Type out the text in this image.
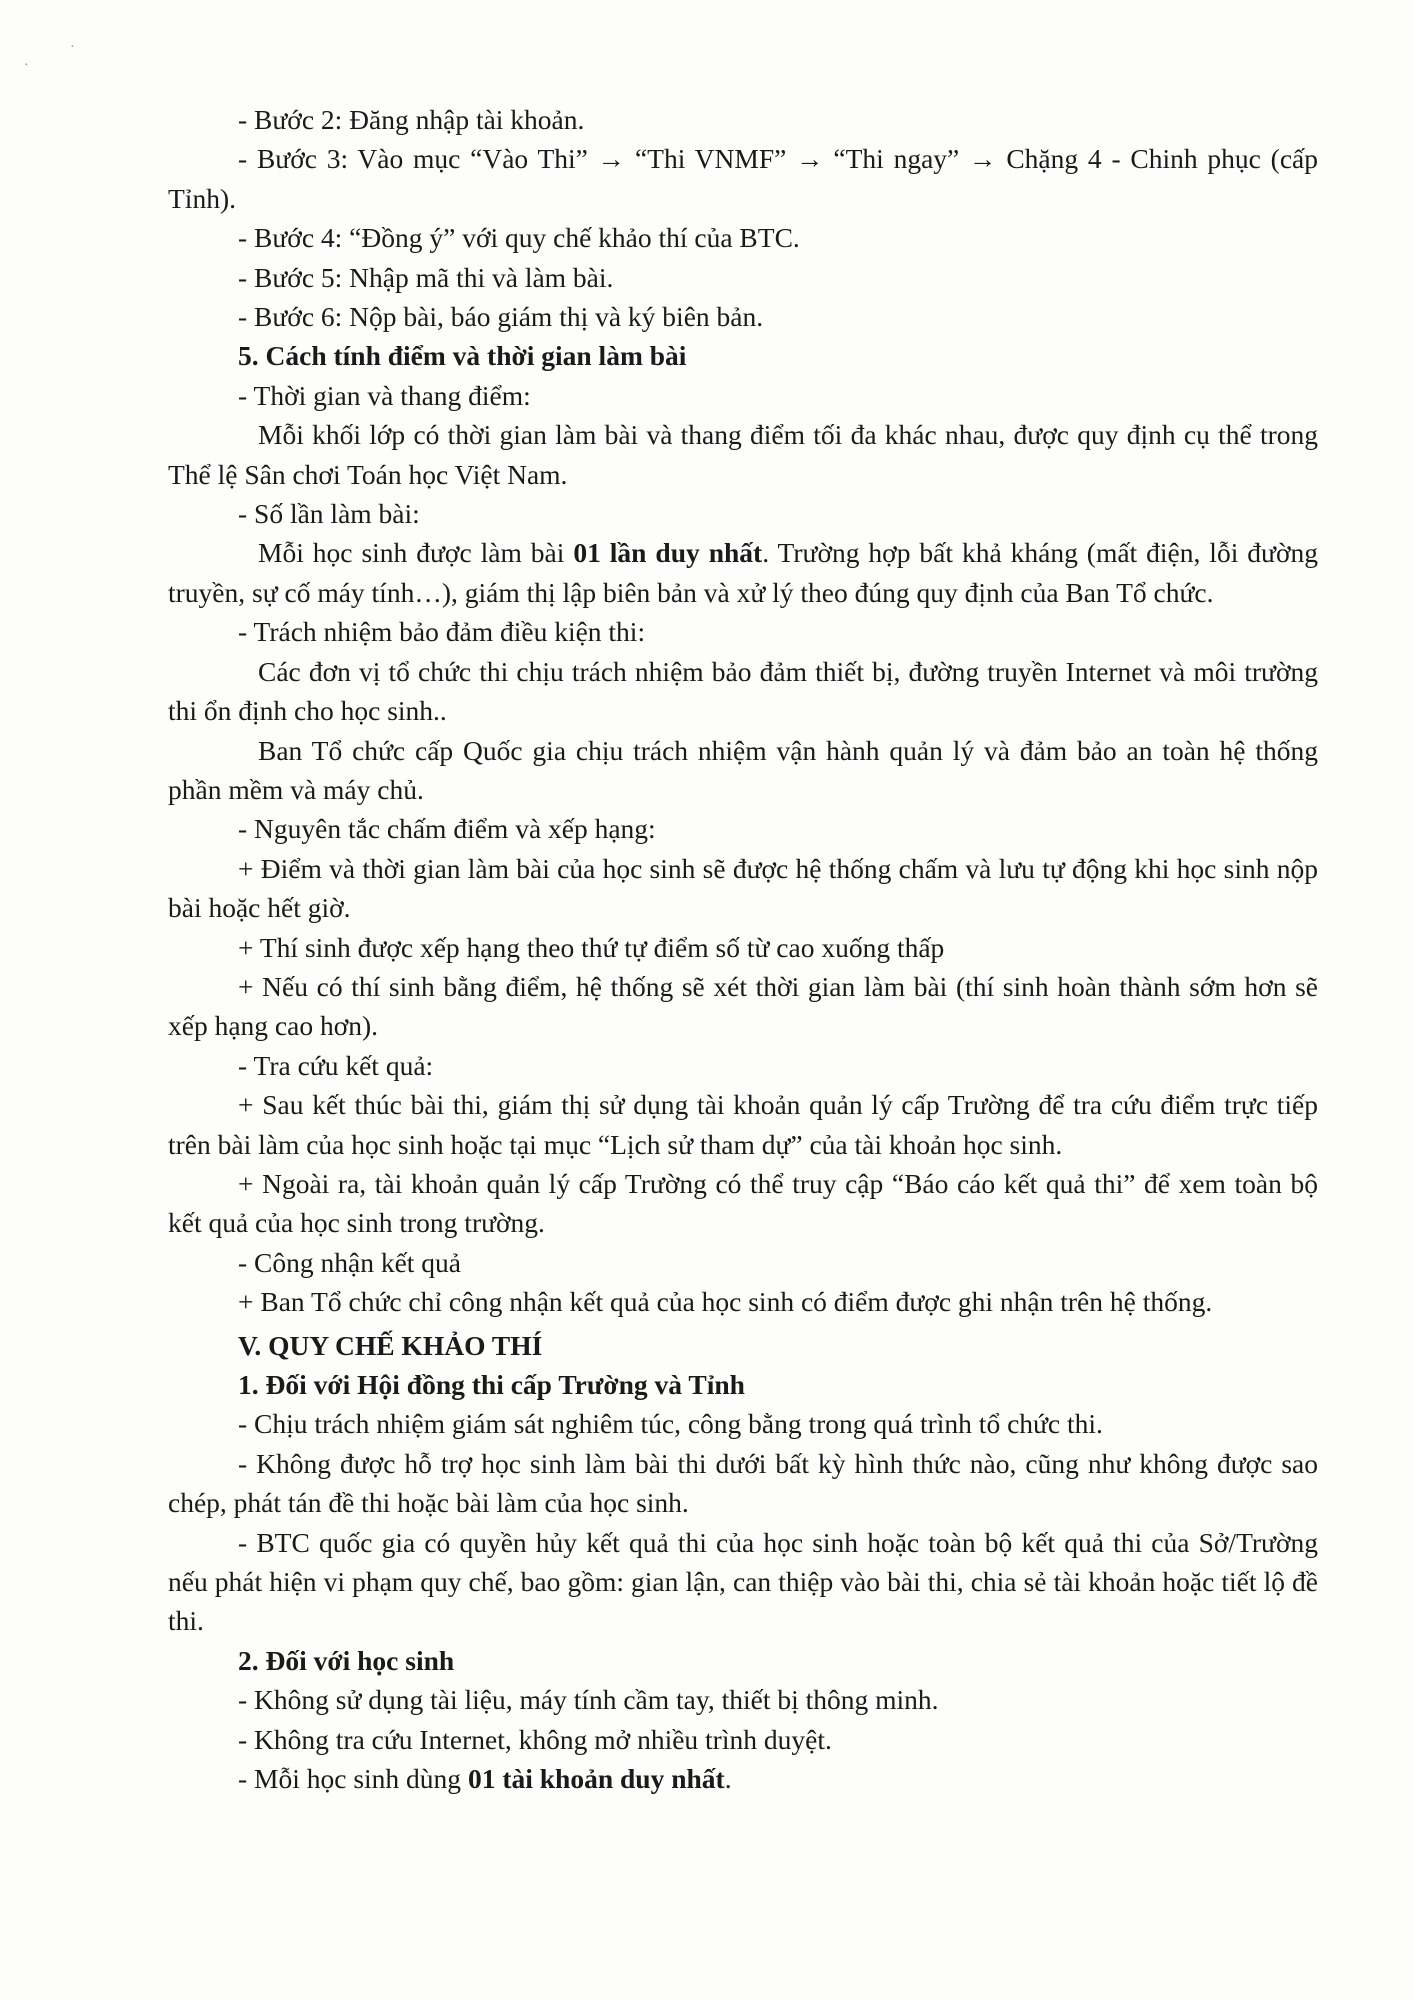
·
·

- Bước 2: Đăng nhập tài khoản.

- Bước 3: Vào mục “Vào Thi” → “Thi VNMF” → “Thi ngay” → Chặng 4 - Chinh phục (cấp Tỉnh).

- Bước 4: “Đồng ý” với quy chế khảo thí của BTC.

- Bước 5: Nhập mã thi và làm bài.

- Bước 6: Nộp bài, báo giám thị và ký biên bản.

5. Cách tính điểm và thời gian làm bài

- Thời gian và thang điểm:

Mỗi khối lớp có thời gian làm bài và thang điểm tối đa khác nhau, được quy định cụ thể trong Thể lệ Sân chơi Toán học Việt Nam.

- Số lần làm bài:

Mỗi học sinh được làm bài 01 lần duy nhất. Trường hợp bất khả kháng (mất điện, lỗi đường truyền, sự cố máy tính…), giám thị lập biên bản và xử lý theo đúng quy định của Ban Tổ chức.

- Trách nhiệm bảo đảm điều kiện thi:

Các đơn vị tổ chức thi chịu trách nhiệm bảo đảm thiết bị, đường truyền Internet và môi trường thi ổn định cho học sinh..

Ban Tổ chức cấp Quốc gia chịu trách nhiệm vận hành quản lý và đảm bảo an toàn hệ thống phần mềm và máy chủ.

- Nguyên tắc chấm điểm và xếp hạng:

+ Điểm và thời gian làm bài của học sinh sẽ được hệ thống chấm và lưu tự động khi học sinh nộp bài hoặc hết giờ.

+ Thí sinh được xếp hạng theo thứ tự điểm số từ cao xuống thấp

+ Nếu có thí sinh bằng điểm, hệ thống sẽ xét thời gian làm bài (thí sinh hoàn thành sớm hơn sẽ xếp hạng cao hơn).

- Tra cứu kết quả:

+ Sau kết thúc bài thi, giám thị sử dụng tài khoản quản lý cấp Trường để tra cứu điểm trực tiếp trên bài làm của học sinh hoặc tại mục “Lịch sử tham dự” của tài khoản học sinh.

+ Ngoài ra, tài khoản quản lý cấp Trường có thể truy cập “Báo cáo kết quả thi” để xem toàn bộ kết quả của học sinh trong trường.

- Công nhận kết quả

+ Ban Tổ chức chỉ công nhận kết quả của học sinh có điểm được ghi nhận trên hệ thống.

V. QUY CHẾ KHẢO THÍ

1. Đối với Hội đồng thi cấp Trường và Tỉnh

- Chịu trách nhiệm giám sát nghiêm túc, công bằng trong quá trình tổ chức thi.

- Không được hỗ trợ học sinh làm bài thi dưới bất kỳ hình thức nào, cũng như không được sao chép, phát tán đề thi hoặc bài làm của học sinh.

- BTC quốc gia có quyền hủy kết quả thi của học sinh hoặc toàn bộ kết quả thi của Sở/Trường nếu phát hiện vi phạm quy chế, bao gồm: gian lận, can thiệp vào bài thi, chia sẻ tài khoản hoặc tiết lộ đề thi.

2. Đối với học sinh

- Không sử dụng tài liệu, máy tính cầm tay, thiết bị thông minh.

- Không tra cứu Internet, không mở nhiều trình duyệt.

- Mỗi học sinh dùng 01 tài khoản duy nhất.
